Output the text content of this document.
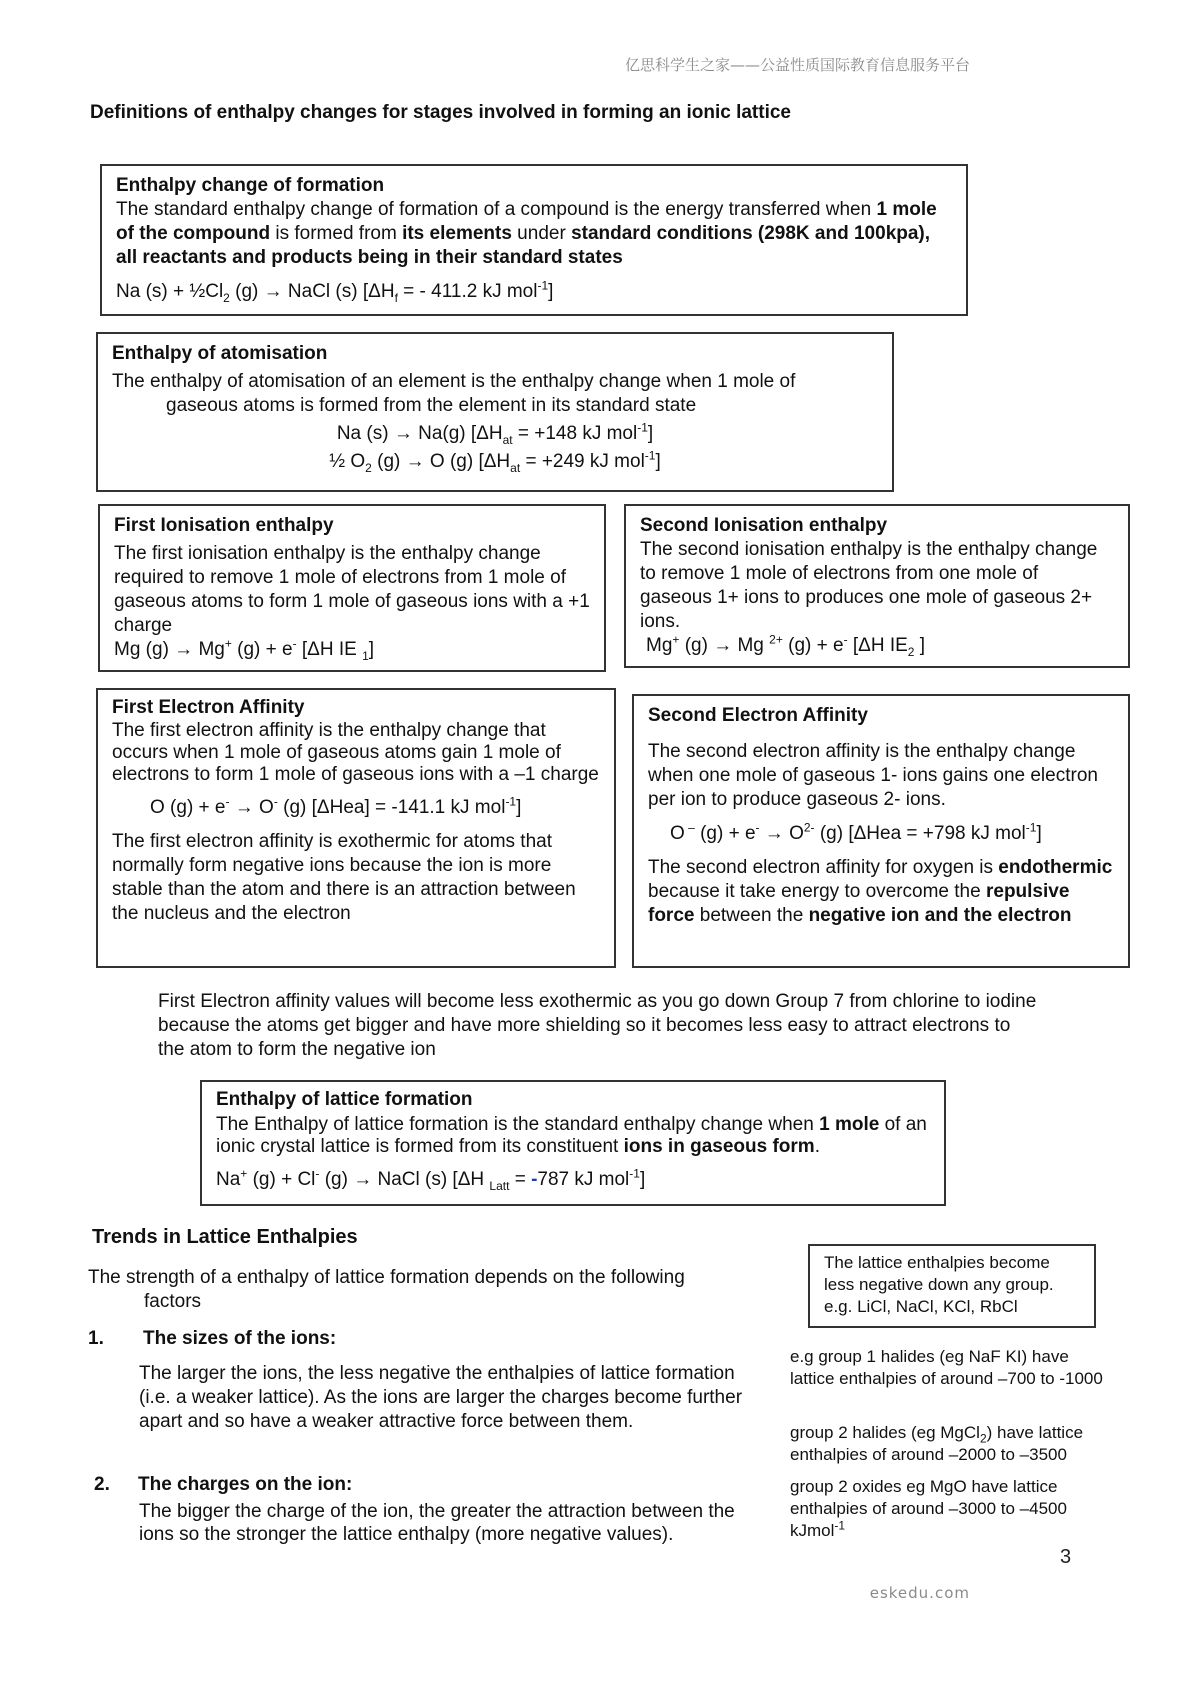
亿思科学生之家——公益性质国际教育信息服务平台
Definitions of enthalpy changes for stages involved in forming an ionic lattice

Enthalpy change of formation

The standard enthalpy change of formation of a compound is the energy transferred when 1 mole of the compound is formed from its elements under standard conditions (298K and 100kpa), all reactants and products being in their standard states

Na $(s) + \frac{1}{2}Cl_2$ (g) → NaCl (s) [$\Delta H_f$ = - 411.2 kJ mol$^{-1}$]

Enthalpy of atomisation

The enthalpy of atomisation of an element is the enthalpy change when 1 mole of

gaseous atoms is formed from the element in its standard state

Na (s) → Na(g) [$\Delta H_{at} = +148$ kJ mol$^{-1}$]

½ $O_2$ (g) → O (g) [$\Delta H_{at} = +249$ kJ mol$^{-1}$]

First Ionisation enthalpy

The first ionisation enthalpy is the enthalpy change required to remove 1 mole of electrons from 1 mole of gaseous atoms to form 1 mole of gaseous ions with a +1 charge

Mg (g) → Mg+ (g) + e- [ΔH IE $_1$]

Second Ionisation enthalpy

The second ionisation enthalpy is the enthalpy change to remove 1 mole of electrons from one mole of gaseous 1+ ions to produces one mole of gaseous 2+ ions.

Mg+ (g) → Mg $^{2+}$ (g) + e- [ΔH $IE_2$ ]

First Electron Affinity

The first electron affinity is the enthalpy change that occurs when 1 mole of gaseous atoms gain 1 mole of electrons to form 1 mole of gaseous ions with a –1 charge

O (g) + e- → O- (g) [ΔHea] = -141.1 kJ mol$^{-1}$]

The first electron affinity is exothermic for atoms that normally form negative ions because the ion is more stable than the atom and there is an attraction between the nucleus and the electron

Second Electron Affinity

The second electron affinity is the enthalpy change when one mole of gaseous 1- ions gains one electron per ion to produce gaseous 2- ions.

O – $(g) + e^- \to O^{2-}$ (g) [ΔHea = +798 kJ mol$^{-1}$]

The second electron affinity for oxygen is endothermic because it take energy to overcome the repulsive force between the negative ion and the electron

First Electron affinity values will become less exothermic as you go down Group 7 from chlorine to iodine because the atoms get bigger and have more shielding so it becomes less easy to attract electrons to the atom to form the negative ion

Enthalpy of lattice formation

The Enthalpy of lattice formation is the standard enthalpy change when 1 mole of an ionic crystal lattice is formed from its constituent ions in gaseous form.

Na+ (g) + Cl- (g) → NaCl (s) [ΔH $_{Latt}$ = -787 kJ mol$^{-1}$]

Trends in Lattice Enthalpies

The strength of a enthalpy of lattice formation depends on the following
factors

1. The sizes of the ions:

The larger the ions, the less negative the enthalpies of lattice formation (i.e. a weaker lattice). As the ions are larger the charges become further apart and so have a weaker attractive force between them.

2. The charges on the ion:

The bigger the charge of the ion, the greater the attraction between the ions so the stronger the lattice enthalpy (more negative values).

The lattice enthalpies become less negative down any group. e.g. LiCl, NaCl, KCl, RbCl

e.g group 1 halides (eg NaF KI) have lattice enthalpies of around –700 to -1000

group 2 halides (eg MgCl$_2$) have lattice enthalpies of around –2000 to –3500

group 2 oxides eg MgO have lattice enthalpies of around –3000 to –4500 kJmol$^{-1}$

3
eskedu.com
